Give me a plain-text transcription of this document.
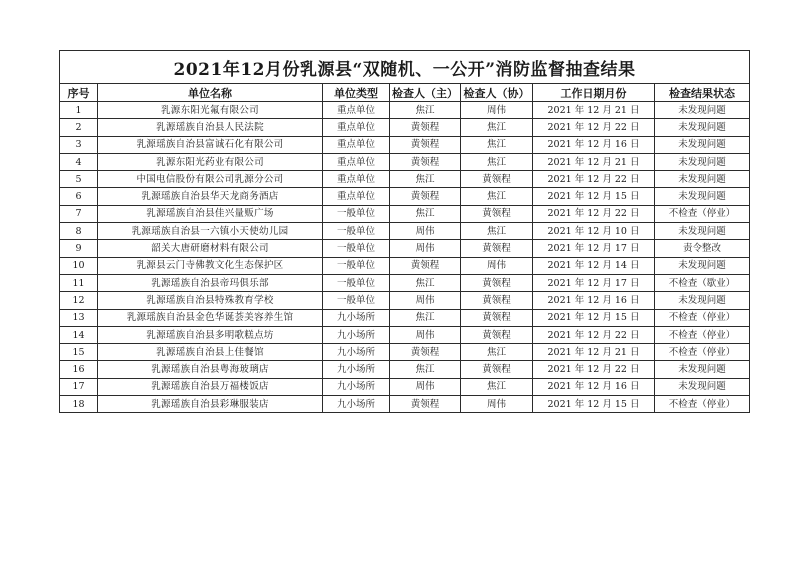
2021年12月份乳源县“双随机、一公开”消防监督抽查结果						
序号	单位名称	单位类型	检查人（主）	检查人（协）	工作日期月份	检查结果状态
1	乳源东阳光氟有限公司	重点单位	焦江	周伟	2021 年 12 月 21 日	未发现问题
2	乳源瑶族自治县人民法院	重点单位	黄领程	焦江	2021 年 12 月 22 日	未发现问题
3	乳源瑶族自治县富诚石化有限公司	重点单位	黄领程	焦江	2021 年 12 月 16 日	未发现问题
4	乳源东阳光药业有限公司	重点单位	黄领程	焦江	2021 年 12 月 21 日	未发现问题
5	中国电信股份有限公司乳源分公司	重点单位	焦江	黄领程	2021 年 12 月 22 日	未发现问题
6	乳源瑶族自治县华天龙商务酒店	重点单位	黄领程	焦江	2021 年 12 月 15 日	未发现问题
7	乳源瑶族自治县佳兴量贩广场	一般单位	焦江	黄领程	2021 年 12 月 22 日	不检查（停业）
8	乳源瑶族自治县一六镇小天使幼儿园	一般单位	周伟	焦江	2021 年 12 月 10 日	未发现问题
9	韶关大唐研磨材料有限公司	一般单位	周伟	黄领程	2021 年 12 月 17 日	责令整改
10	乳源县云门寺佛教文化生态保护区	一般单位	黄领程	周伟	2021 年 12 月 14 日	未发现问题
11	乳源瑶族自治县帝玛俱乐部	一般单位	焦江	黄领程	2021 年 12 月 17 日	不检查（歇业）
12	乳源瑶族自治县特殊教育学校	一般单位	周伟	黄领程	2021 年 12 月 16 日	未发现问题
13	乳源瑶族自治县金色华诞荟美容养生馆	九小场所	焦江	黄领程	2021 年 12 月 15 日	不检查（停业）
14	乳源瑶族自治县多明歌糕点坊	九小场所	周伟	黄领程	2021 年 12 月 22 日	不检查（停业）
15	乳源瑶族自治县上佳餐馆	九小场所	黄领程	焦江	2021 年 12 月 21 日	不检查（停业）
16	乳源瑶族自治县粤海玻璃店	九小场所	焦江	黄领程	2021 年 12 月 22 日	未发现问题
17	乳源瑶族自治县万福楼饭店	九小场所	周伟	焦江	2021 年 12 月 16 日	未发现问题
18	乳源瑶族自治县彩琳服装店	九小场所	黄领程	周伟	2021 年 12 月 15 日	不检查（停业）
